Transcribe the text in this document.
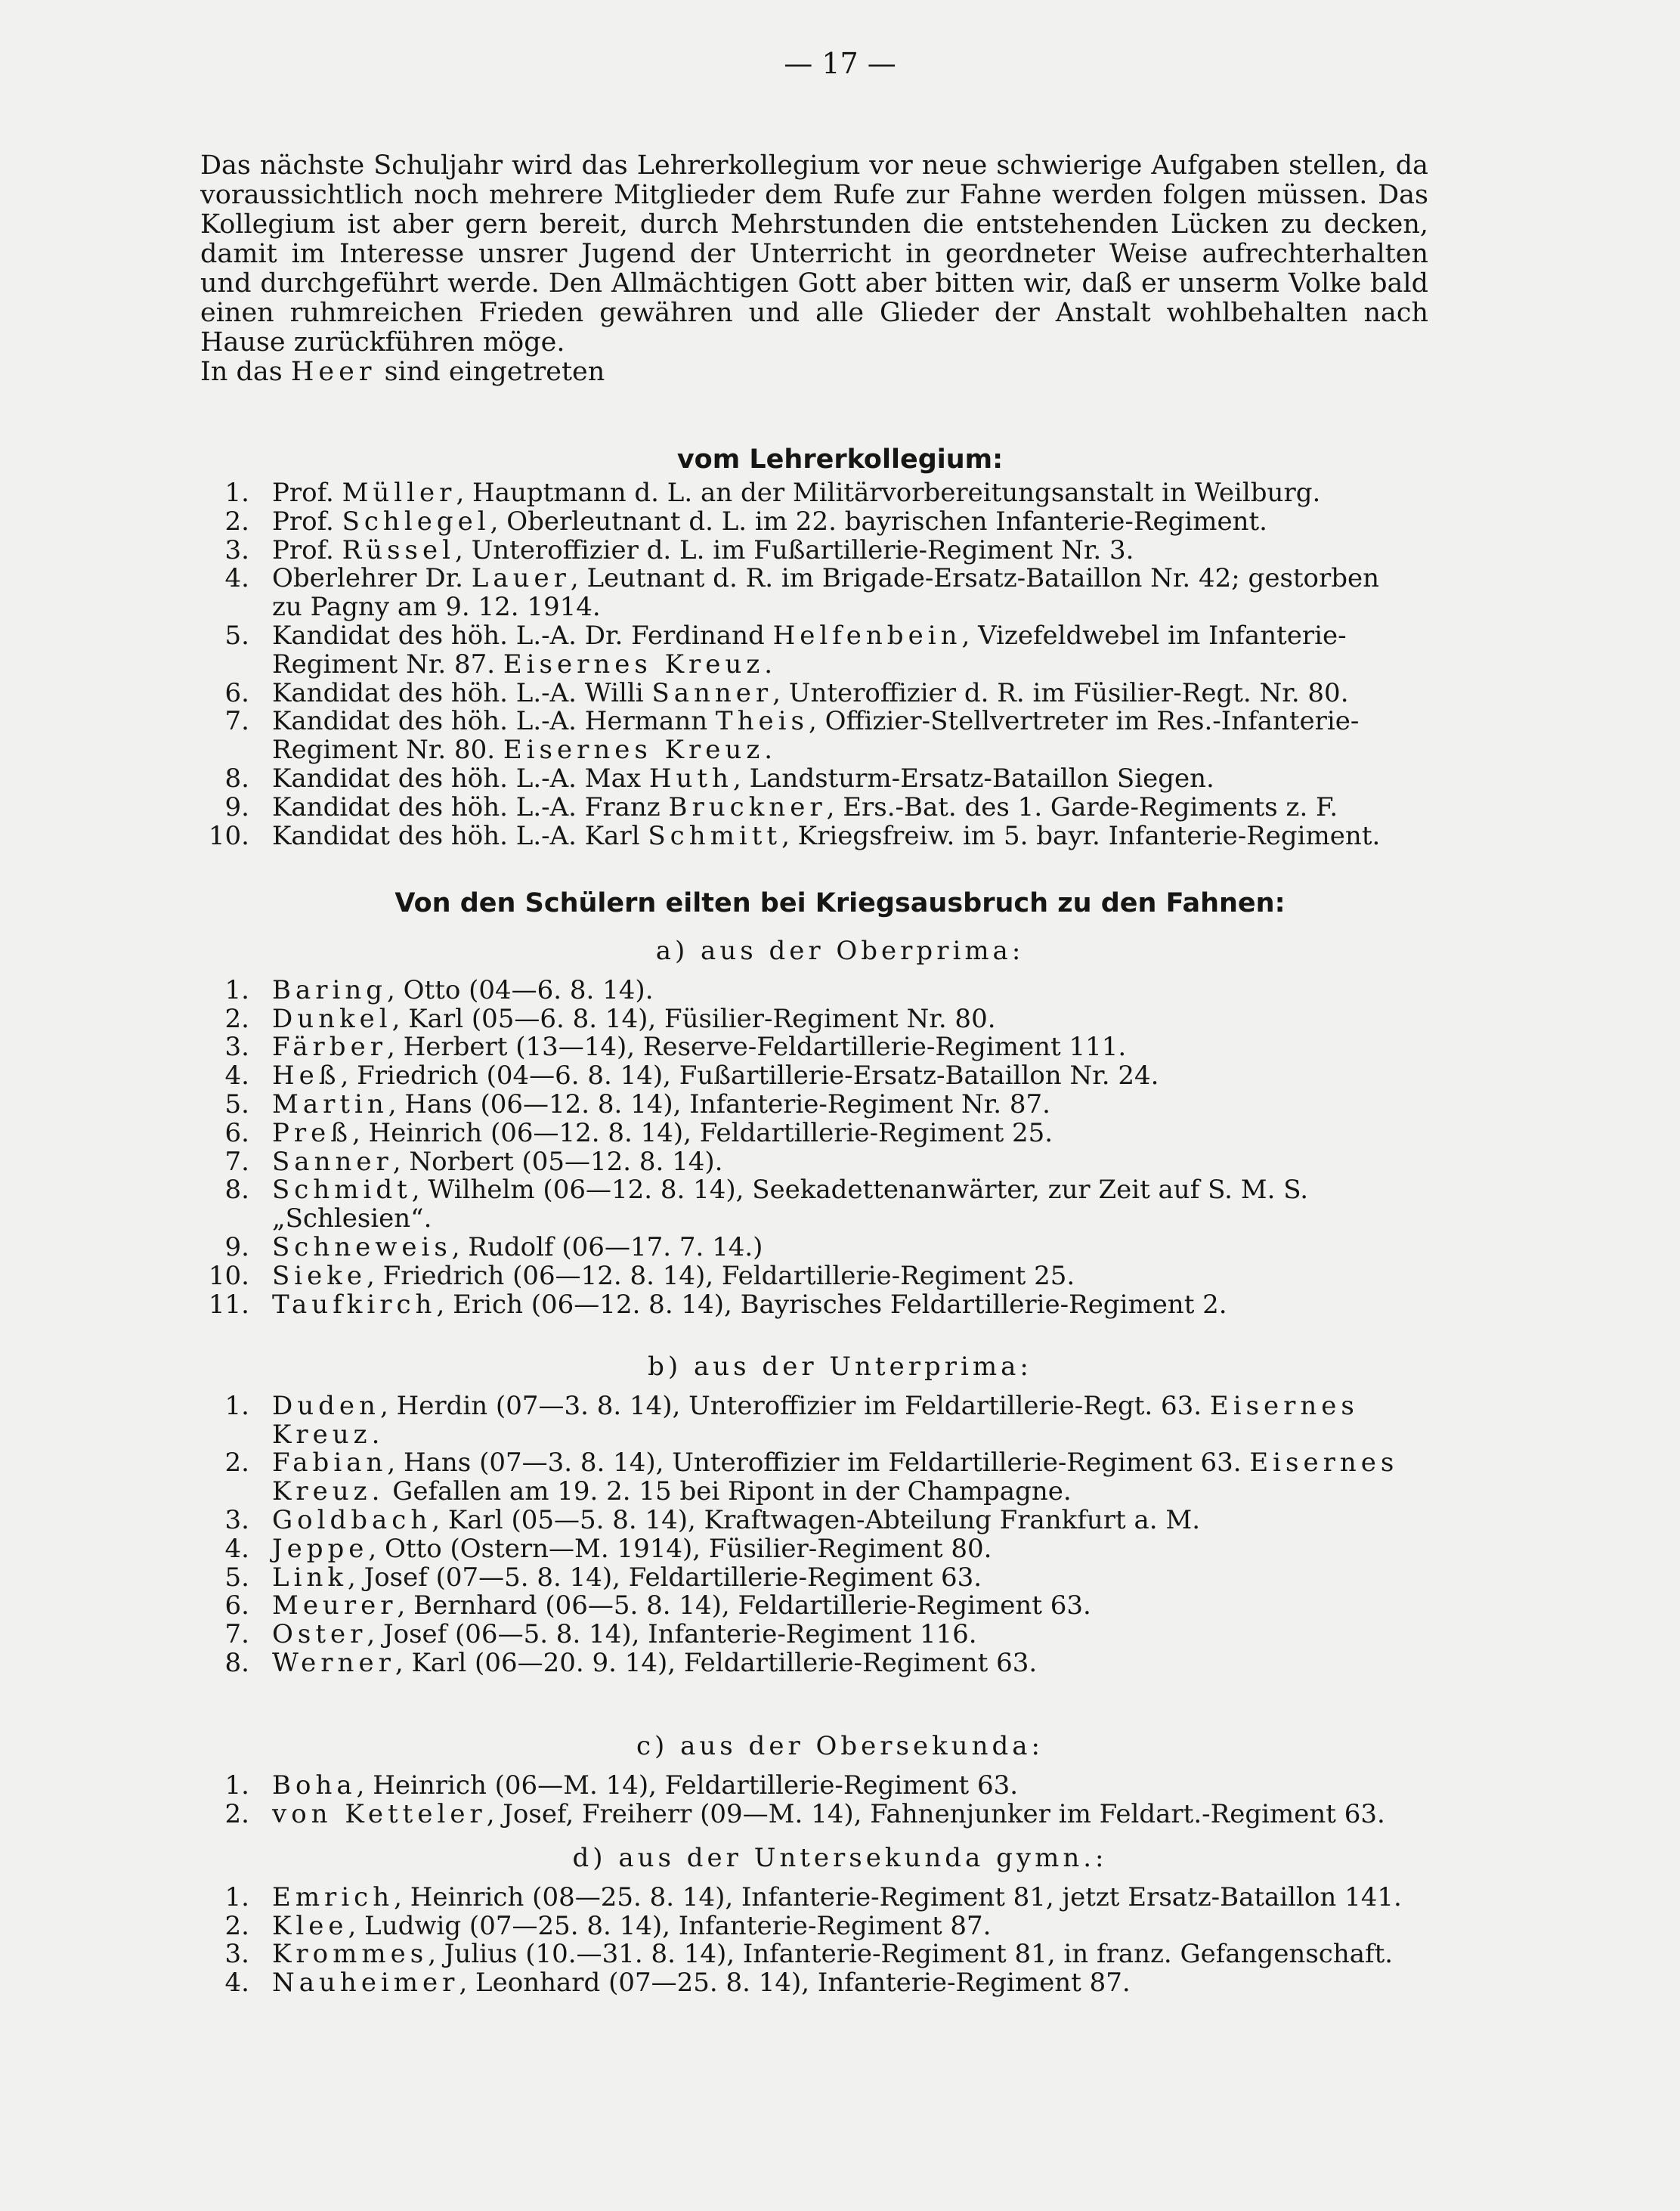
— 17 —

Das nächste Schuljahr wird das Lehrerkollegium vor neue schwierige Aufgaben stellen, da voraussichtlich noch mehrere Mitglieder dem Rufe zur Fahne werden folgen müssen. Das Kollegium ist aber gern bereit, durch Mehrstunden die entstehenden Lücken zu decken, damit im Interesse unsrer Jugend der Unterricht in geordneter Weise aufrechterhalten und durchgeführt werde. Den Allmächtigen Gott aber bitten wir, daß er unserm Volke bald einen ruhmreichen Frieden gewähren und alle Glieder der Anstalt wohlbehalten nach Hause zurückführen möge.

In das Heer sind eingetreten

vom Lehrerkollegium:
1. Prof. Müller, Hauptmann d. L. an der Militärvorbereitungsanstalt in Weilburg.
2. Prof. Schlegel, Oberleutnant d. L. im 22. bayrischen Infanterie-Regiment.
3. Prof. Rüssel, Unteroffizier d. L. im Fußartillerie-Regiment Nr. 3.
4. Oberlehrer Dr. Lauer, Leutnant d. R. im Brigade-Ersatz-Bataillon Nr. 42; gestorben
zu Pagny am 9. 12. 1914.
5. Kandidat des höh. L.-A. Dr. Ferdinand Helfenbein, Vizefeldwebel im Infanterie-
Regiment Nr. 87. Eisernes Kreuz.
6. Kandidat des höh. L.-A. Willi Sanner, Unteroffizier d. R. im Füsilier-Regt. Nr. 80.
7. Kandidat des höh. L.-A. Hermann Theis, Offizier-Stellvertreter im Res.-Infanterie-
Regiment Nr. 80. Eisernes Kreuz.
8. Kandidat des höh. L.-A. Max Huth, Landsturm-Ersatz-Bataillon Siegen.
9. Kandidat des höh. L.-A. Franz Bruckner, Ers.-Bat. des 1. Garde-Regiments z. F.
10. Kandidat des höh. L.-A. Karl Schmitt, Kriegsfreiw. im 5. bayr. Infanterie-Regiment.
Von den Schülern eilten bei Kriegsausbruch zu den Fahnen:
a) aus der Oberprima:
1. Baring, Otto (04—6. 8. 14).
2. Dunkel, Karl (05—6. 8. 14), Füsilier-Regiment Nr. 80.
3. Färber, Herbert (13—14), Reserve-Feldartillerie-Regiment 111.
4. Heß, Friedrich (04—6. 8. 14), Fußartillerie-Ersatz-Bataillon Nr. 24.
5. Martin, Hans (06—12. 8. 14), Infanterie-Regiment Nr. 87.
6. Preß, Heinrich (06—12. 8. 14), Feldartillerie-Regiment 25.
7. Sanner, Norbert (05—12. 8. 14).
8. Schmidt, Wilhelm (06—12. 8. 14), Seekadettenanwärter, zur Zeit auf S. M. S.
„Schlesien“.
9. Schneweis, Rudolf (06—17. 7. 14.)
10. Sieke, Friedrich (06—12. 8. 14), Feldartillerie-Regiment 25.
11. Taufkirch, Erich (06—12. 8. 14), Bayrisches Feldartillerie-Regiment 2.
b) aus der Unterprima:
1. Duden, Herdin (07—3. 8. 14), Unteroffizier im Feldartillerie-Regt. 63. Eisernes
Kreuz.
2. Fabian, Hans (07—3. 8. 14), Unteroffizier im Feldartillerie-Regiment 63. Eisernes
Kreuz. Gefallen am 19. 2. 15 bei Ripont in der Champagne.
3. Goldbach, Karl (05—5. 8. 14), Kraftwagen-Abteilung Frankfurt a. M.
4. Jeppe, Otto (Ostern—M. 1914), Füsilier-Regiment 80.
5. Link, Josef (07—5. 8. 14), Feldartillerie-Regiment 63.
6. Meurer, Bernhard (06—5. 8. 14), Feldartillerie-Regiment 63.
7. Oster, Josef (06—5. 8. 14), Infanterie-Regiment 116.
8. Werner, Karl (06—20. 9. 14), Feldartillerie-Regiment 63.
c) aus der Obersekunda:
1. Boha, Heinrich (06—M. 14), Feldartillerie-Regiment 63.
2. von Ketteler, Josef, Freiherr (09—M. 14), Fahnenjunker im Feldart.-Regiment 63.
d) aus der Untersekunda gymn.:
1. Emrich, Heinrich (08—25. 8. 14), Infanterie-Regiment 81, jetzt Ersatz-Bataillon 141.
2. Klee, Ludwig (07—25. 8. 14), Infanterie-Regiment 87.
3. Krommes, Julius (10.—31. 8. 14), Infanterie-Regiment 81, in franz. Gefangenschaft.
4. Nauheimer, Leonhard (07—25. 8. 14), Infanterie-Regiment 87.
